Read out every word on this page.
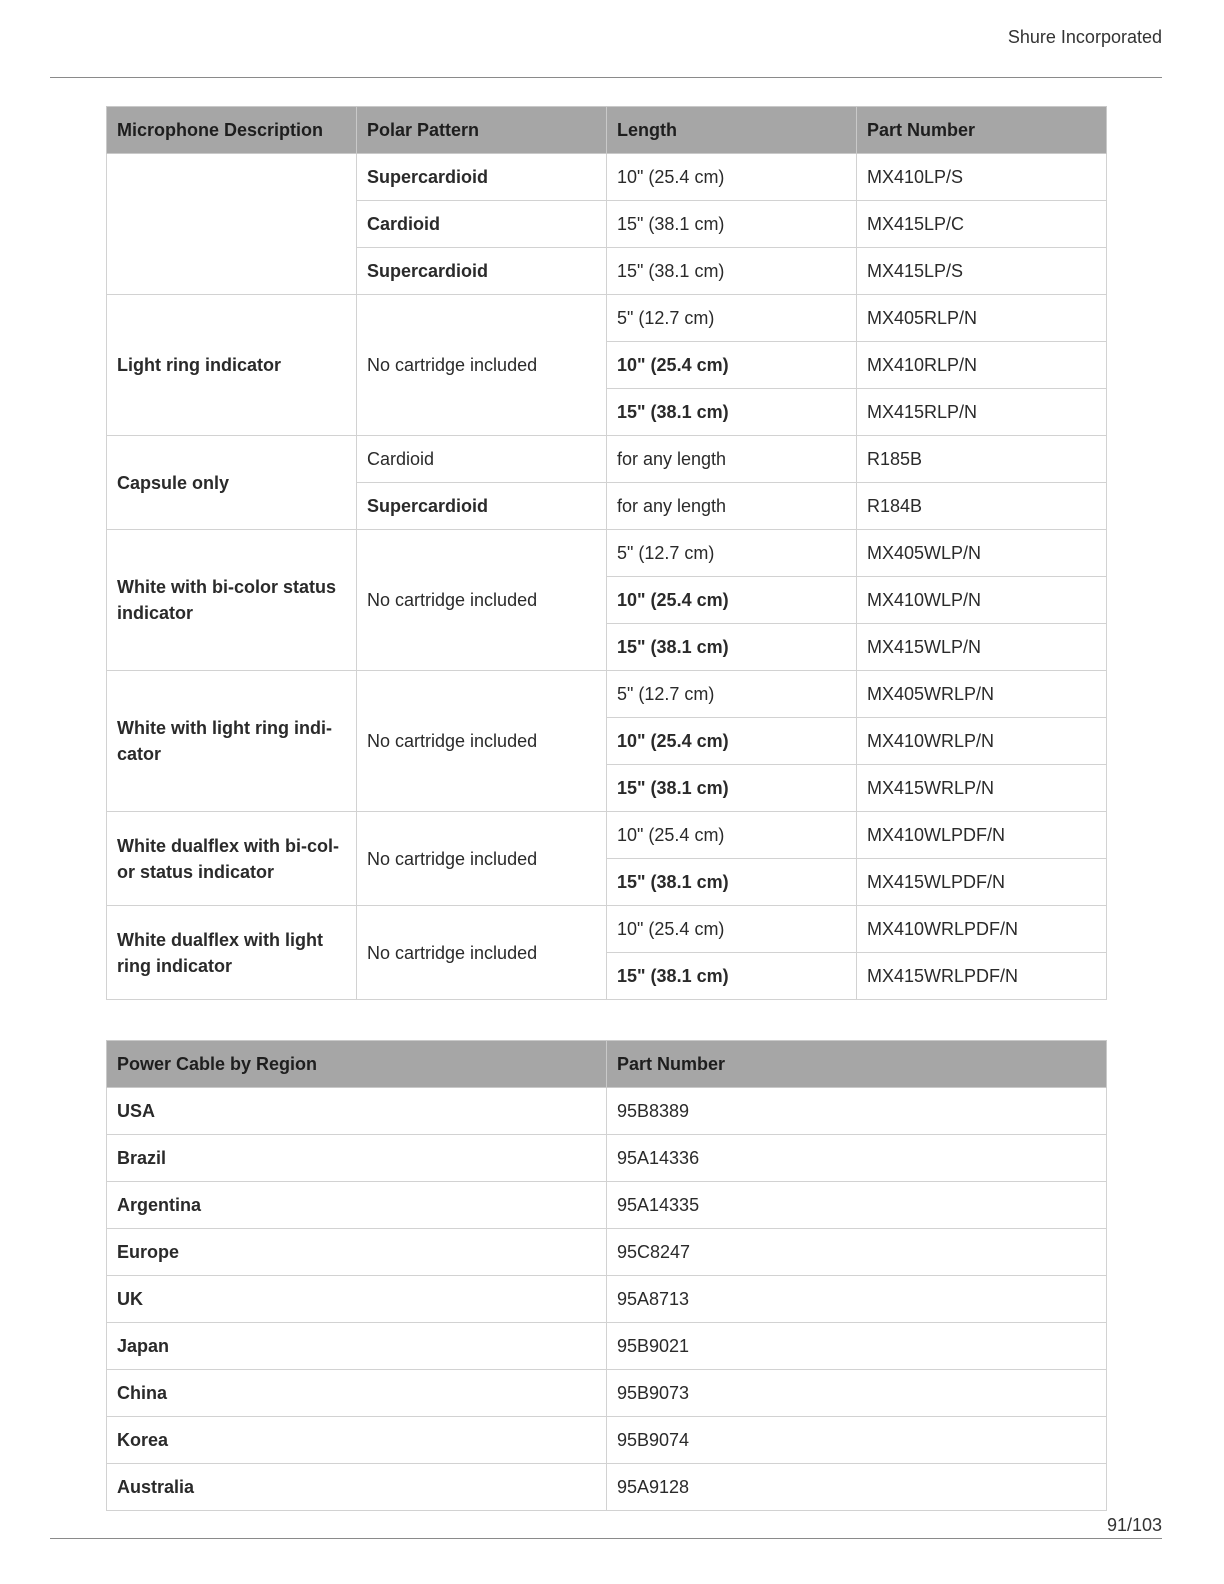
Shure Incorporated
Microphone Description	Polar Pattern	Length	Part Number
	Supercardioid	10" (25.4 cm)	MX410LP/S
	Cardioid	15" (38.1 cm)	MX415LP/C
	Supercardioid	15" (38.1 cm)	MX415LP/S
Light ring indicator	No cartridge included	5" (12.7 cm)	MX405RLP/N
		10" (25.4 cm)	MX410RLP/N
		15" (38.1 cm)	MX415RLP/N
Capsule only	Cardioid	for any length	R185B
	Supercardioid	for any length	R184B
White with bi-color status indicator	No cartridge included	5" (12.7 cm)	MX405WLP/N
		10" (25.4 cm)	MX410WLP/N
		15" (38.1 cm)	MX415WLP/N
White with light ring indi-cator	No cartridge included	5" (12.7 cm)	MX405WRLP/N
		10" (25.4 cm)	MX410WRLP/N
		15" (38.1 cm)	MX415WRLP/N
White dualflex with bi-col-or status indicator	No cartridge included	10" (25.4 cm)	MX410WLPDF/N
		15" (38.1 cm)	MX415WLPDF/N
White dualflex with light ring indicator	No cartridge included	10" (25.4 cm)	MX410WRLPDF/N
		15" (38.1 cm)	MX415WRLPDF/N
Power Cable by Region	Part Number
USA	95B8389
Brazil	95A14336
Argentina	95A14335
Europe	95C8247
UK	95A8713
Japan	95B9021
China	95B9073
Korea	95B9074
Australia	95A9128
91/103
